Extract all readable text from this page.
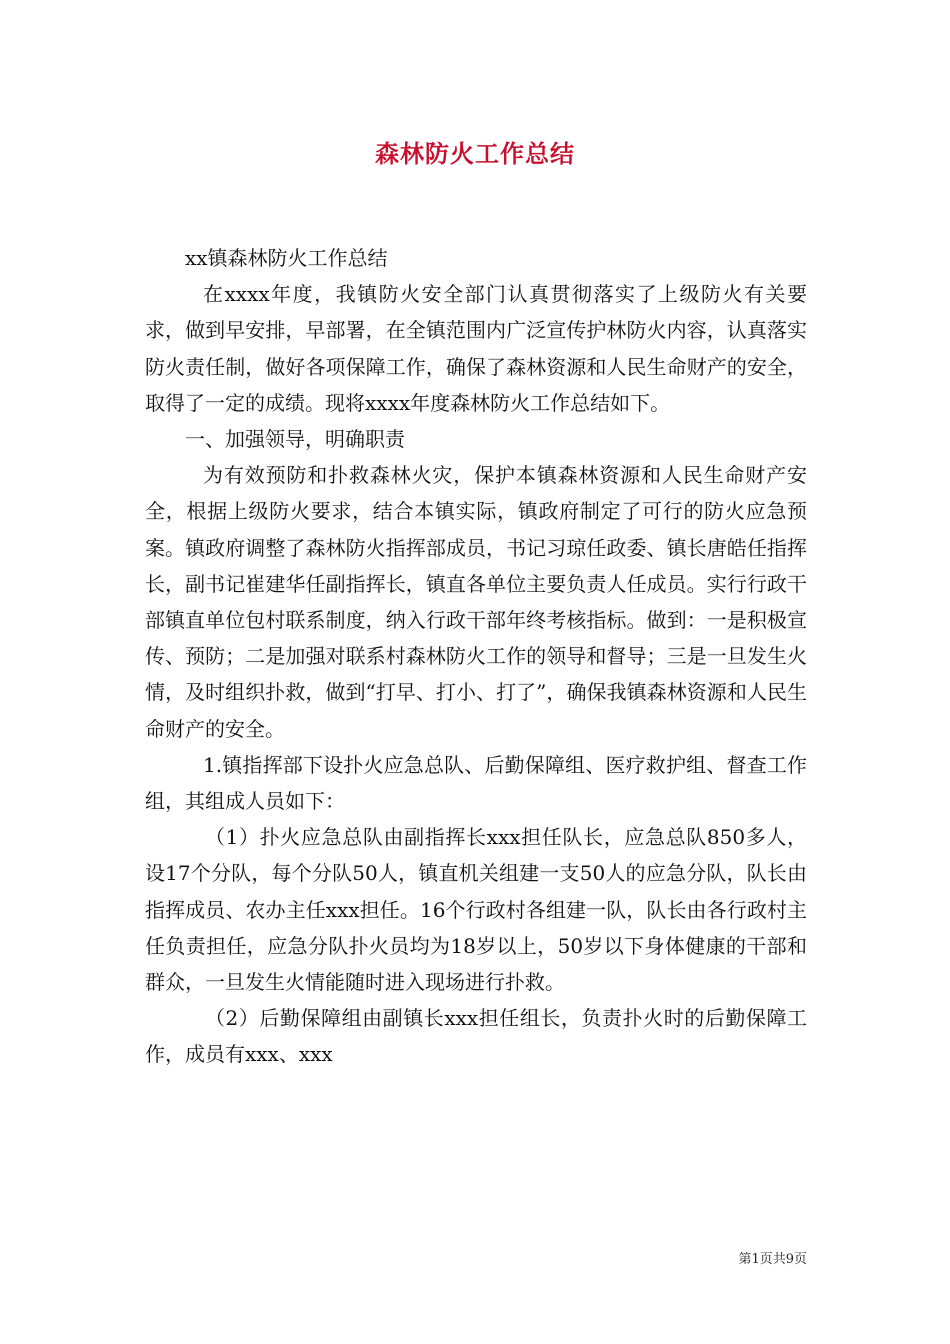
森林防火工作总结

xx镇森林防火工作总结

在xxxx年度，我镇防火安全部门认真贯彻落实了上级防火有关要求，做到早安排，早部署，在全镇范围内广泛宣传护林防火内容，认真落实防火责任制，做好各项保障工作，确保了森林资源和人民生命财产的安全，取得了一定的成绩。现将xxxx年度森林防火工作总结如下。

一、加强领导，明确职责

为有效预防和扑救森林火灾，保护本镇森林资源和人民生命财产安全，根据上级防火要求，结合本镇实际，镇政府制定了可行的防火应急预案。镇政府调整了森林防火指挥部成员，书记习琼任政委、镇长唐皓任指挥长，副书记崔建华任副指挥长，镇直各单位主要负责人任成员。实行行政干部镇直单位包村联系制度，纳入行政干部年终考核指标。做到：一是积极宣传、预防；二是加强对联系村森林防火工作的领导和督导；三是一旦发生火情，及时组织扑救，做到“打早、打小、打了”，确保我镇森林资源和人民生命财产的安全。

1.镇指挥部下设扑火应急总队、后勤保障组、医疗救护组、督查工作组，其组成人员如下：

（1）扑火应急总队由副指挥长xxx担任队长，应急总队850多人，设17个分队，每个分队50人，镇直机关组建一支50人的应急分队，队长由指挥成员、农办主任xxx担任。16个行政村各组建一队，队长由各行政村主任负责担任，应急分队扑火员均为18岁以上，50岁以下身体健康的干部和群众，一旦发生火情能随时进入现场进行扑救。

（2）后勤保障组由副镇长xxx担任组长，负责扑火时的后勤保障工作，成员有xxx、xxx

第1页共9页
